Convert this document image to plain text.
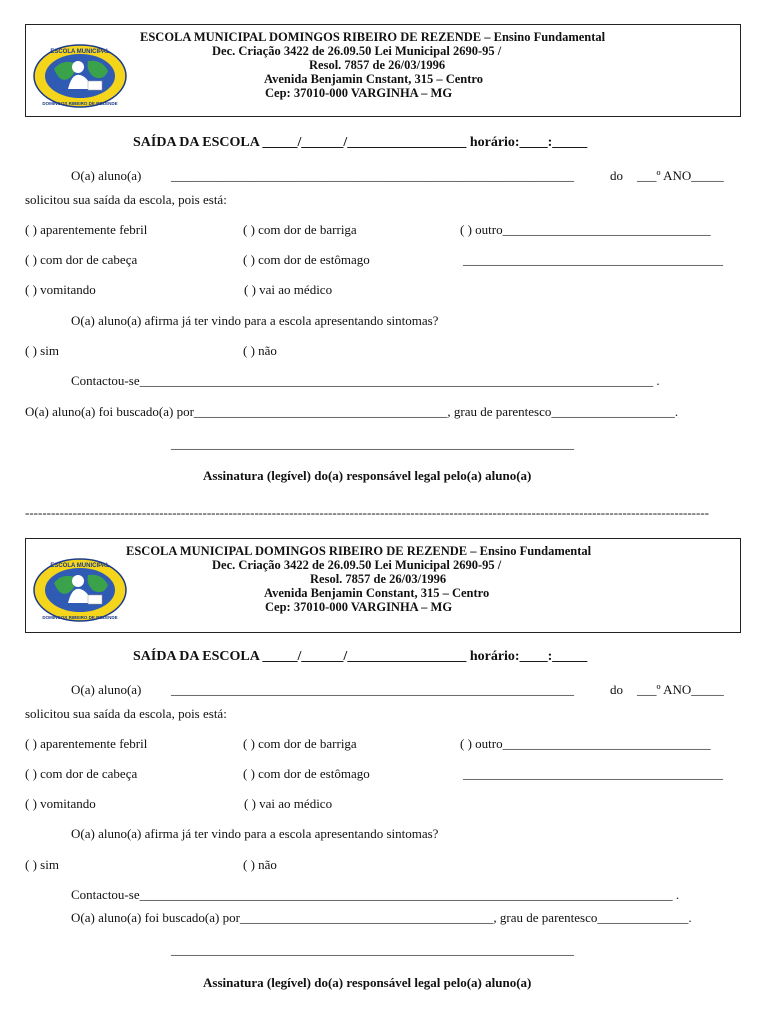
ESCOLA MUNICIPAL
DOMINGOS RIBEIRO DE REZENDE
ESCOLA MUNICIPAL DOMINGOS RIBEIRO DE REZENDE – Ensino Fundamental
Dec. Criação 3422 de 26.09.50 Lei Municipal 2690-95 /
Resol. 7857 de 26/03/1996
Avenida Benjamin Cnstant, 315 – Centro
Cep: 37010-000 VARGINHA – MG
SAÍDA DA ESCOLA _____/______/_________________ horário:____:_____
O(a) aluno(a) ______________________________________________________________	do ___º ANO_____
solicitou sua saída da escola, pois está:
( ) aparentemente febril	( ) com dor de barriga	( ) outro________________________________
( ) com dor de cabeça	( ) com dor de estômago	________________________________________
( ) vomitando	( ) vai ao médico
O(a) aluno(a) afirma já ter vindo para a escola apresentando sintomas?
( ) sim	( ) não
Contactou-se_______________________________________________________________________________ .
O(a) aluno(a) foi buscado(a) por_______________________________________, grau de parentesco___________________.
______________________________________________________________
Assinatura (legível) do(a) responsável legal pelo(a) aluno(a)
--------------------------------------------------------------------------------------------------------------------------------------------------------------
ESCOLA MUNICIPAL
DOMINGOS RIBEIRO DE REZENDE
ESCOLA MUNICIPAL DOMINGOS RIBEIRO DE REZENDE – Ensino Fundamental
Dec. Criação 3422 de 26.09.50 Lei Municipal 2690-95 /
Resol. 7857 de 26/03/1996
Avenida Benjamin Constant, 315 – Centro
Cep: 37010-000 VARGINHA – MG
SAÍDA DA ESCOLA _____/______/_________________ horário:____:_____
O(a) aluno(a) ______________________________________________________________	do ___º ANO_____
solicitou sua saída da escola, pois está:
( ) aparentemente febril	( ) com dor de barriga	( ) outro________________________________
( ) com dor de cabeça	( ) com dor de estômago	________________________________________
( ) vomitando	( ) vai ao médico
O(a) aluno(a) afirma já ter vindo para a escola apresentando sintomas?
( ) sim	( ) não
Contactou-se__________________________________________________________________________________ .
O(a) aluno(a) foi buscado(a) por_______________________________________, grau de parentesco______________.
______________________________________________________________
Assinatura (legível) do(a) responsável legal pelo(a) aluno(a)
